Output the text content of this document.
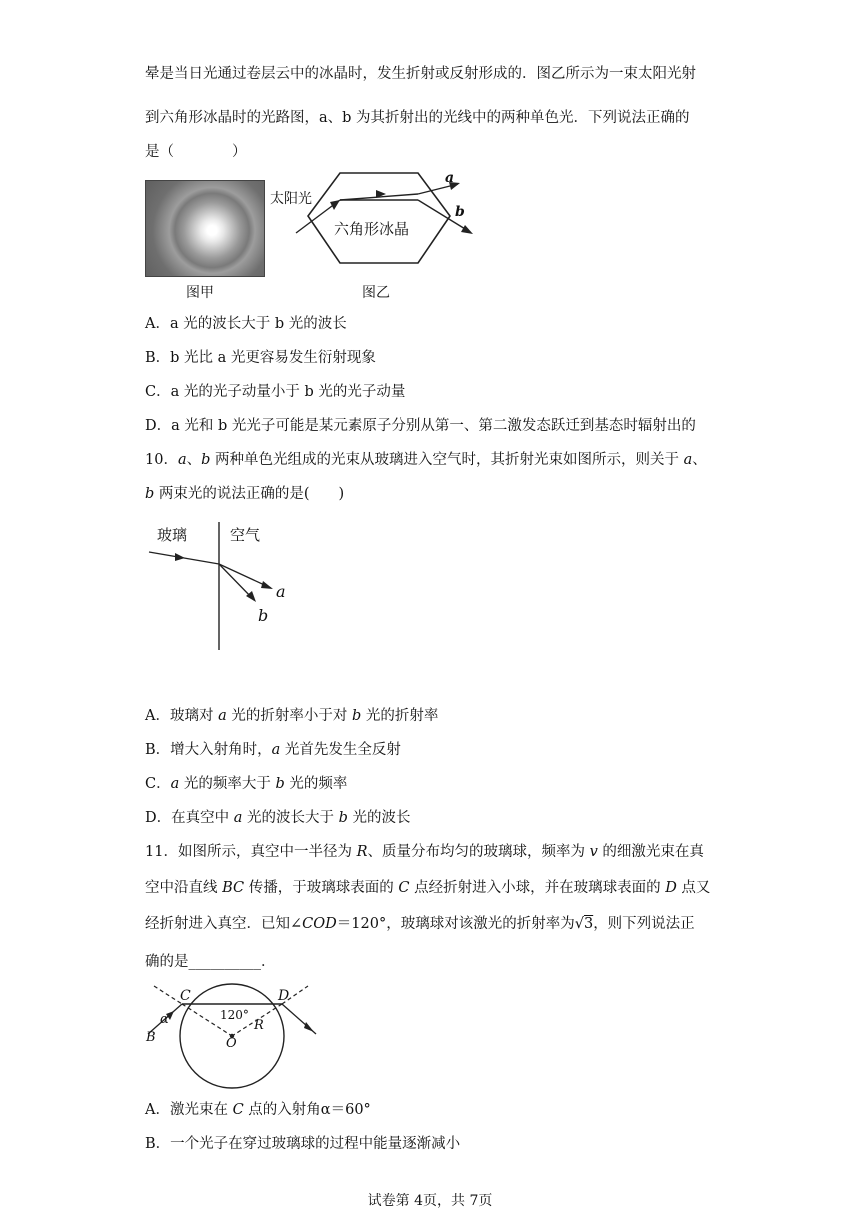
晕是当日光通过卷层云中的冰晶时，发生折射或反射形成的．图乙所示为一束太阳光射
到六角形冰晶时的光路图，a、b 为其折射出的光线中的两种单色光．下列说法正确的
是（　　　　）
图甲
太阳光
六角形冰晶
a
b
图乙
A．a 光的波长大于 b 光的波长
B．b 光比 a 光更容易发生衍射现象
C．a 光的光子动量小于 b 光的光子动量
D．a 光和 b 光光子可能是某元素原子分别从第一、第二激发态跃迁到基态时辐射出的
10．a、b 两种单色光组成的光束从玻璃进入空气时，其折射光束如图所示，则关于 a、
b 两束光的说法正确的是(　　)
玻璃	空气
a
b
A．玻璃对 a 光的折射率小于对 b 光的折射率
B．增大入射角时，a 光首先发生全反射
C．a 光的频率大于 b 光的频率
D．在真空中 a 光的波长大于 b 光的波长
11．如图所示，真空中一半径为 R、质量分布均匀的玻璃球，频率为 v 的细激光束在真
空中沿直线 BC 传播，于玻璃球表面的 C 点经折射进入小球，并在玻璃球表面的 D 点又
经折射进入真空．已知∠COD＝120°，玻璃球对该激光的折射率为√3，则下列说法正
确的是__________．
C	D
120°
O
R
α
B
A．激光束在 C 点的入射角α＝60°
B．一个光子在穿过玻璃球的过程中能量逐渐减小
试卷第 4页，共 7页
